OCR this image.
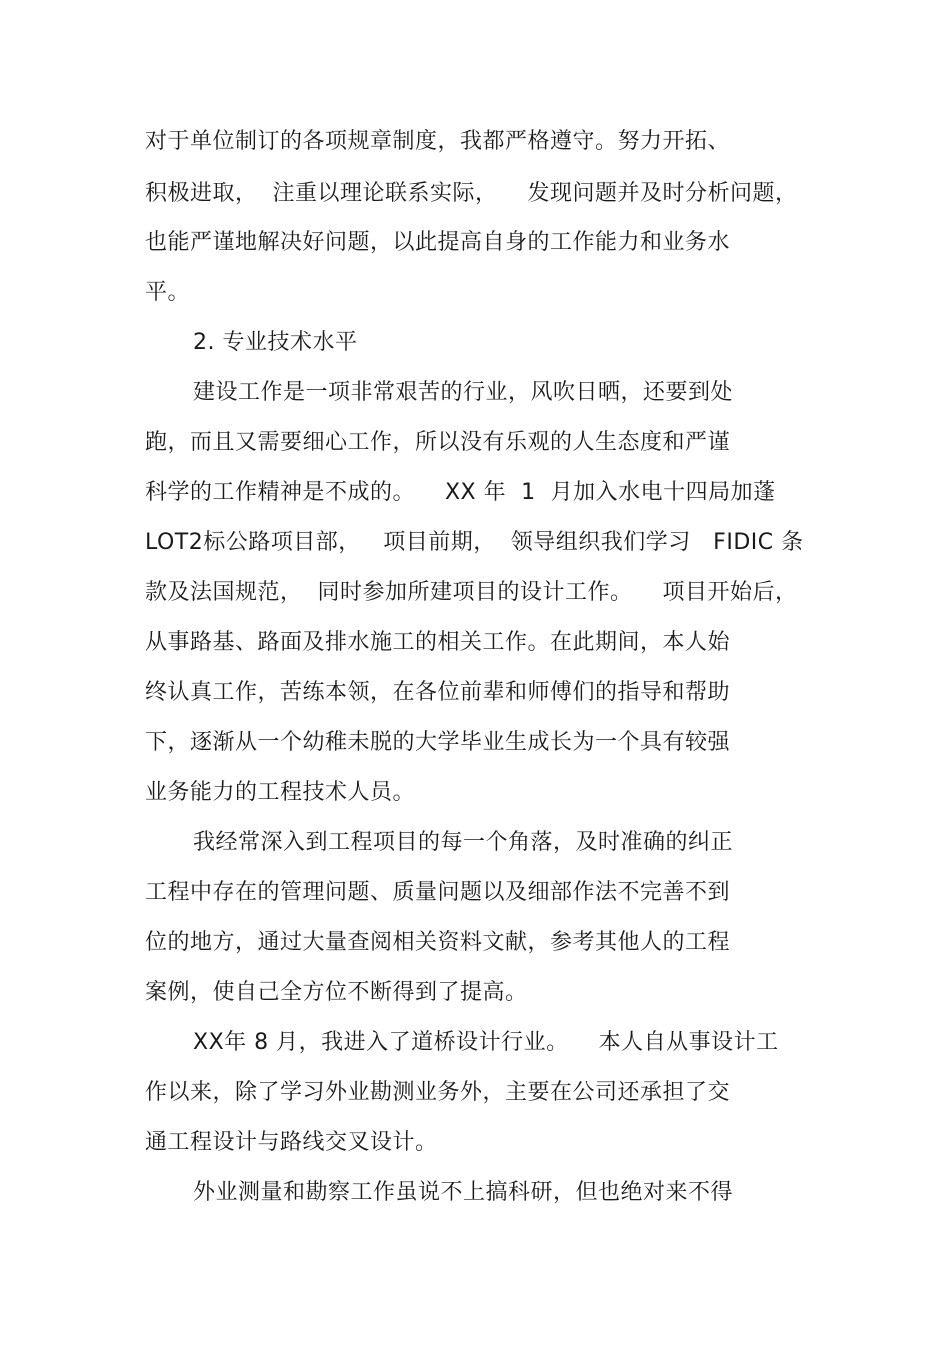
对于单位制订的各项规章制度，我都严格遵守。努力开拓、
积极进取，  注重以理论联系实际，    发现问题并及时分析问题，
也能严谨地解决好问题，以此提高自身的工作能力和业务水
平。
2. 专业技术水平
建设工作是一项非常艰苦的行业，风吹日晒，还要到处
跑，而且又需要细心工作，所以没有乐观的人生态度和严谨
科学的工作精神是不成的。    XX 年  1  月加入水电十四局加蓬
LOT2标公路项目部，   项目前期，  领导组织我们学习   FIDIC 条
款及法国规范，  同时参加所建项目的设计工作。    项目开始后，
从事路基、路面及排水施工的相关工作。在此期间，本人始
终认真工作，苦练本领，在各位前辈和师傅们的指导和帮助
下，逐渐从一个幼稚未脱的大学毕业生成长为一个具有较强
业务能力的工程技术人员。
我经常深入到工程项目的每一个角落，及时准确的纠正
工程中存在的管理问题、质量问题以及细部作法不完善不到
位的地方，通过大量查阅相关资料文献，参考其他人的工程
案例，使自己全方位不断得到了提高。
XX年 8 月，我进入了道桥设计行业。    本人自从事设计工
作以来，除了学习外业勘测业务外，主要在公司还承担了交
通工程设计与路线交叉设计。
外业测量和勘察工作虽说不上搞科研，但也绝对来不得
